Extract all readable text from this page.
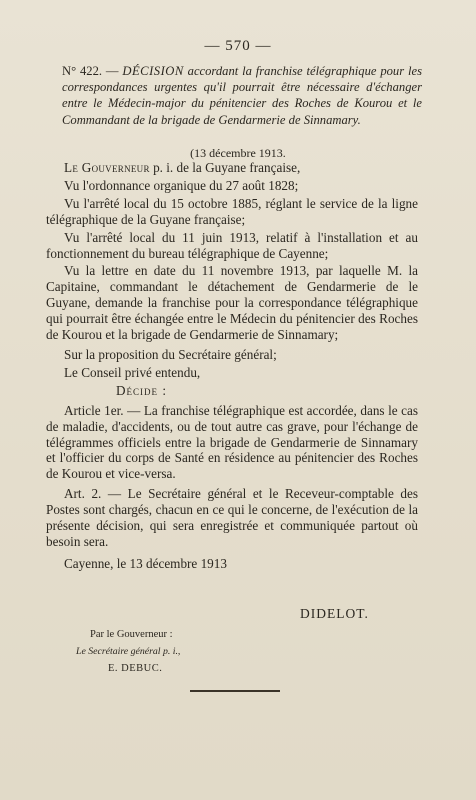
— 570 —
N° 422. — DÉCISION accordant la franchise télégraphique pour les correspondances urgentes qu'il pourrait être nécessaire d'échanger entre le Médecin-major du pénitencier des Roches de Kourou et le Commandant de la brigade de Gendarmerie de Sinnamary.
(13 décembre 1913.

Le Gouverneur p. i. de la Guyane française,

Vu l'ordonnance organique du 27 août 1828;

Vu l'arrêté local du 15 octobre 1885, réglant le service de la ligne télégraphique de la Guyane française;

Vu l'arrêté local du 11 juin 1913, relatif à l'installation et au fonctionnement du bureau télégraphique de Cayenne;

Vu la lettre en date du 11 novembre 1913, par laquelle M. la Capitaine, commandant le détachement de Gendarmerie de le Guyane, demande la franchise pour la correspondance télégraphique qui pourrait être échangée entre le Médecin du pénitencier des Roches de Kourou et la brigade de Gendarmerie de Sinnamary;

Sur la proposition du Secrétaire général;

Le Conseil privé entendu,

Décide :

Article 1er. — La franchise télégraphique est accordée, dans le cas de maladie, d'accidents, ou de tout autre cas grave, pour l'échange de télégrammes officiels entre la brigade de Gendarmerie de Sinnamary et l'officier du corps de Santé en résidence au pénitencier des Roches de Kourou et vice-versa.

Art. 2. — Le Secrétaire général et le Receveur-comptable des Postes sont chargés, chacun en ce qui le concerne, de l'exécution de la présente décision, qui sera enregistrée et communiquée partout où besoin sera.

Cayenne, le 13 décembre 1913

DIDELOT.
Par le Gouverneur :
Le Secrétaire général p. i.,
E. DEBUC.
